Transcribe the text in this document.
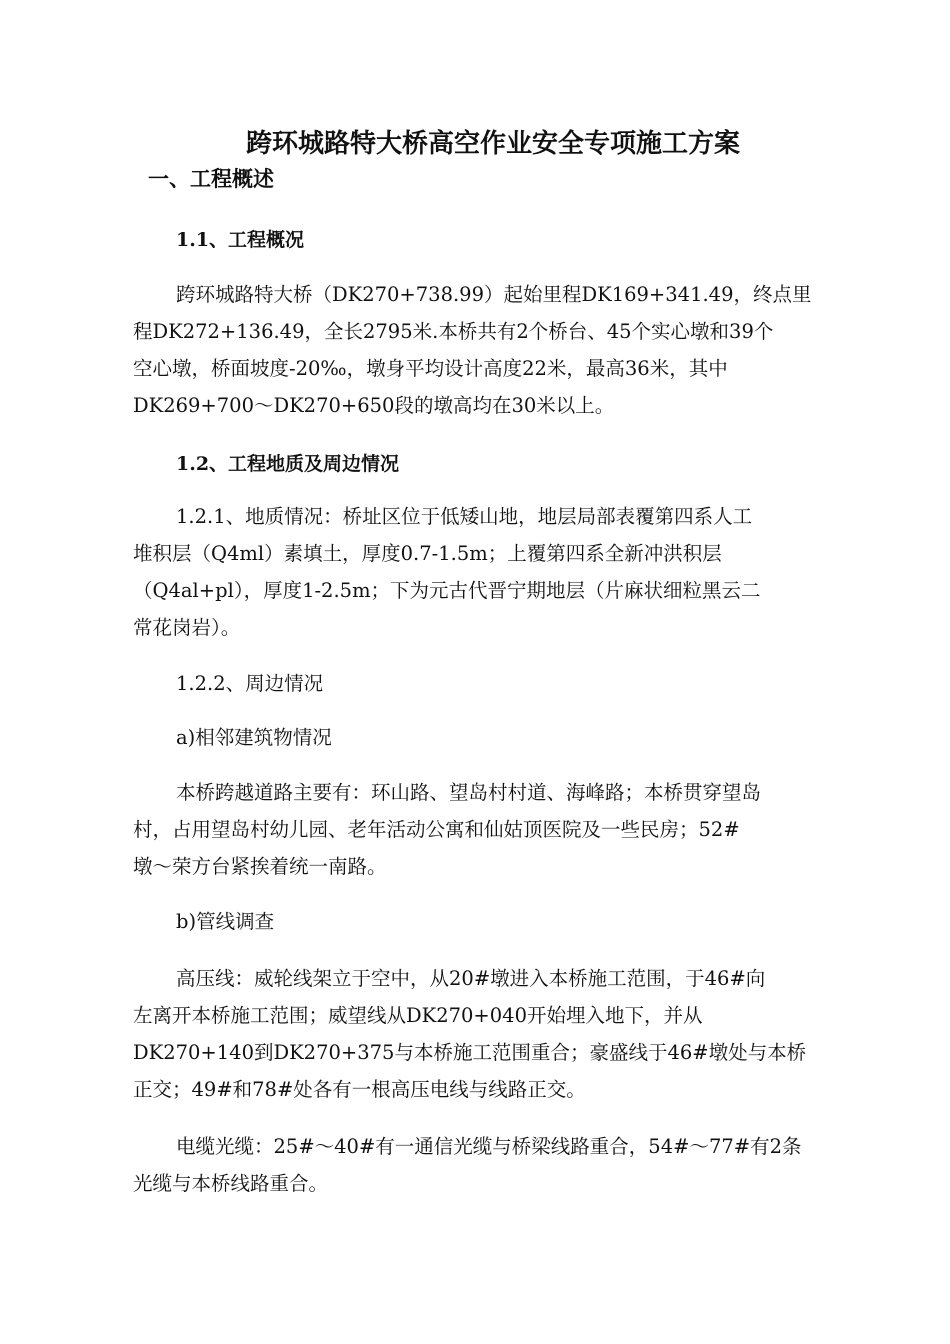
跨环城路特大桥高空作业安全专项施工方案
一、工程概述
1.1、工程概况
跨环城路特大桥（DK270+738.99）起始里程DK169+341.49，终点里
程DK272+136.49，全长2795米.本桥共有2个桥台、45个实心墩和39个
空心墩，桥面坡度-20‰，墩身平均设计高度22米，最高36米，其中
DK269+700～DK270+650段的墩高均在30米以上。
1.2、工程地质及周边情况
1.2.1、地质情况：桥址区位于低矮山地，地层局部表覆第四系人工
堆积层（Q4ml）素填土，厚度0.7-1.5m；上覆第四系全新冲洪积层
（Q4al+pl），厚度1-2.5m；下为元古代晋宁期地层（片麻状细粒黑云二
常花岗岩）。
1.2.2、周边情况
a)相邻建筑物情况
本桥跨越道路主要有：环山路、望岛村村道、海峰路；本桥贯穿望岛
村，占用望岛村幼儿园、老年活动公寓和仙姑顶医院及一些民房；52#
墩～荣方台紧挨着统一南路。
b)管线调查
高压线：威轮线架立于空中，从20#墩进入本桥施工范围，于46#向
左离开本桥施工范围；威望线从DK270+040开始埋入地下，并从
DK270+140到DK270+375与本桥施工范围重合；豪盛线于46#墩处与本桥
正交；49#和78#处各有一根高压电线与线路正交。
电缆光缆：25#～40#有一通信光缆与桥梁线路重合，54#～77#有2条
光缆与本桥线路重合。
